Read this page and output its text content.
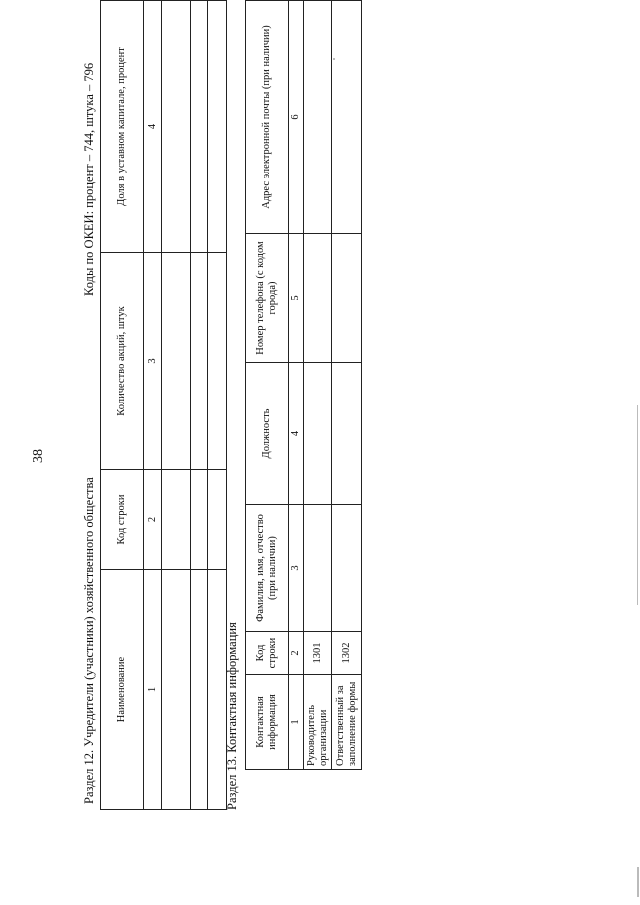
38
Коды по ОКЕИ: процент – 744, штука – 796
Раздел 12. Учредители (участники) хозяйственного общества Наименование	Код строки	Количество акций, штук	Доля в уставном капитале, процент
1	2	3	4

Раздел 13. Контактная информация Контактная информация	Код строки	Фамилия, имя, отчество (при наличии)	Должность	Номер телефона (с кодом города)	Адрес электронной почты (при наличии)
1	2	3	4	5	6
Руководитель организации	1301				
Ответственный за заполнение формы	1302				
